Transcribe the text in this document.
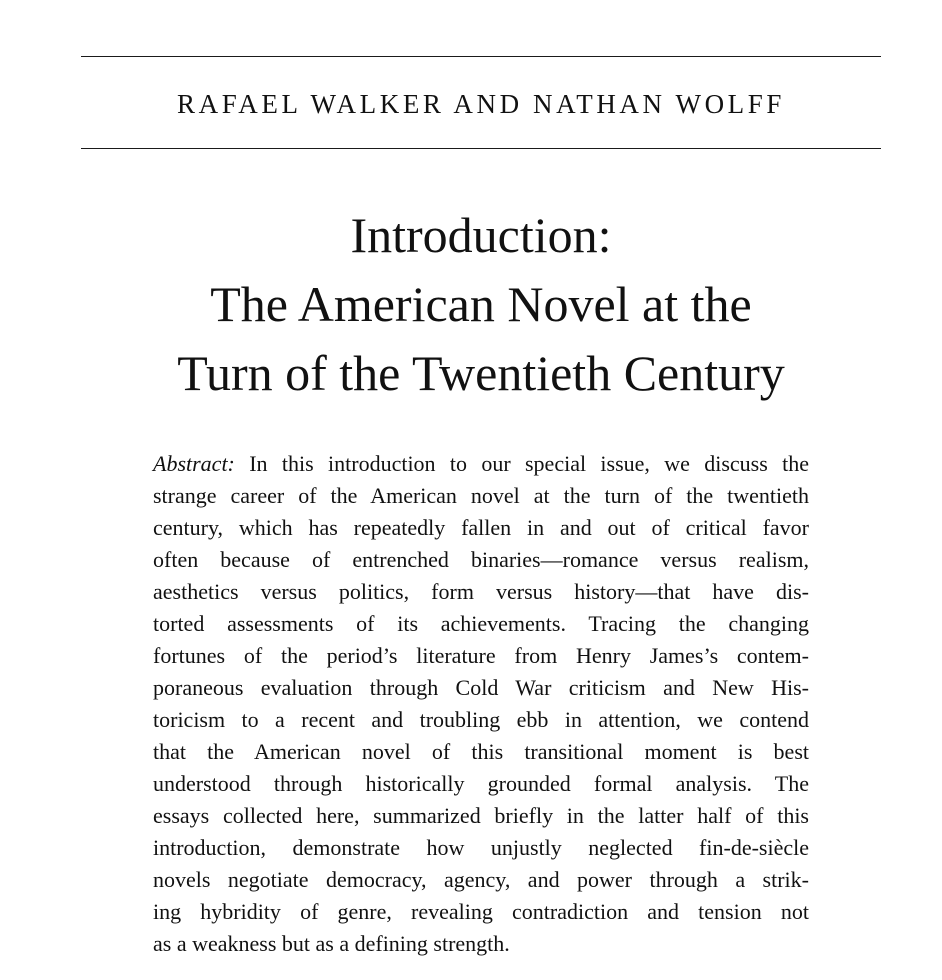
RAFAEL WALKER AND NATHAN WOLFF
Introduction:
The American Novel at the
Turn of the Twentieth Century
Abstract: In this introduction to our special issue, we discuss the
strange career of the American novel at the turn of the twentieth
century, which has repeatedly fallen in and out of critical favor
often because of entrenched binaries—romance versus realism,
aesthetics versus politics, form versus history—that have dis-
torted assessments of its achievements. Tracing the changing
fortunes of the period’s literature from Henry James’s contem-
poraneous evaluation through Cold War criticism and New His-
toricism to a recent and troubling ebb in attention, we contend
that the American novel of this transitional moment is best
understood through historically grounded formal analysis. The
essays collected here, summarized briefly in the latter half of this
introduction, demonstrate how unjustly neglected fin-de-siècle
novels negotiate democracy, agency, and power through a strik-
ing hybridity of genre, revealing contradiction and tension not
as a weakness but as a defining strength.
